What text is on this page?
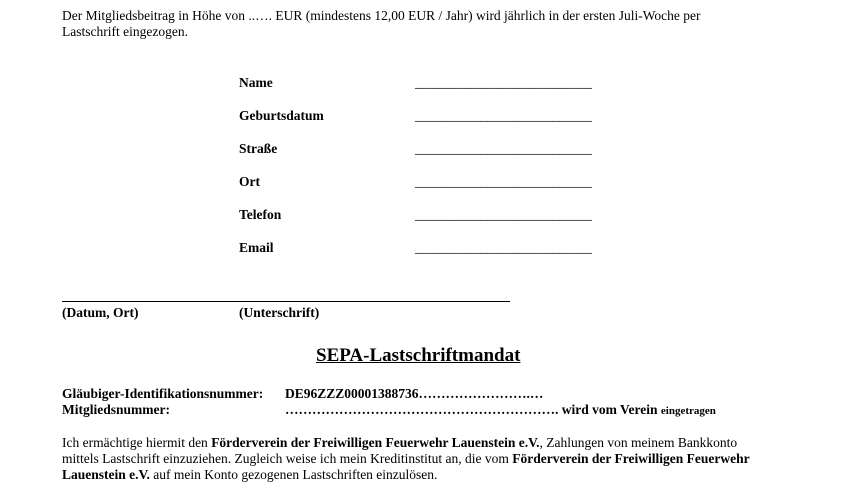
Der Mitgliedsbeitrag in Höhe von ..…. EUR (mindestens 12,00 EUR / Jahr) wird jährlich in der ersten Juli-Woche per
Lastschrift eingezogen.
Name	___________________________
Geburtsdatum	___________________________
Straße	___________________________
Ort	___________________________
Telefon	___________________________
Email	___________________________
(Datum, Ort)	(Unterschrift)
SEPA-Lastschriftmandat
Gläubiger-Identifikationsnummer: DE96ZZZ00001388736…………………….…
Mitgliedsnummer:	……………………………………………………. wird vom Verein eingetragen
Ich ermächtige hiermit den Förderverein der Freiwilligen Feuerwehr Lauenstein e.V., Zahlungen von meinem Bankkonto
mittels Lastschrift einzuziehen. Zugleich weise ich mein Kreditinstitut an, die vom Förderverein der Freiwilligen Feuerwehr
Lauenstein e.V. auf mein Konto gezogenen Lastschriften einzulösen.
